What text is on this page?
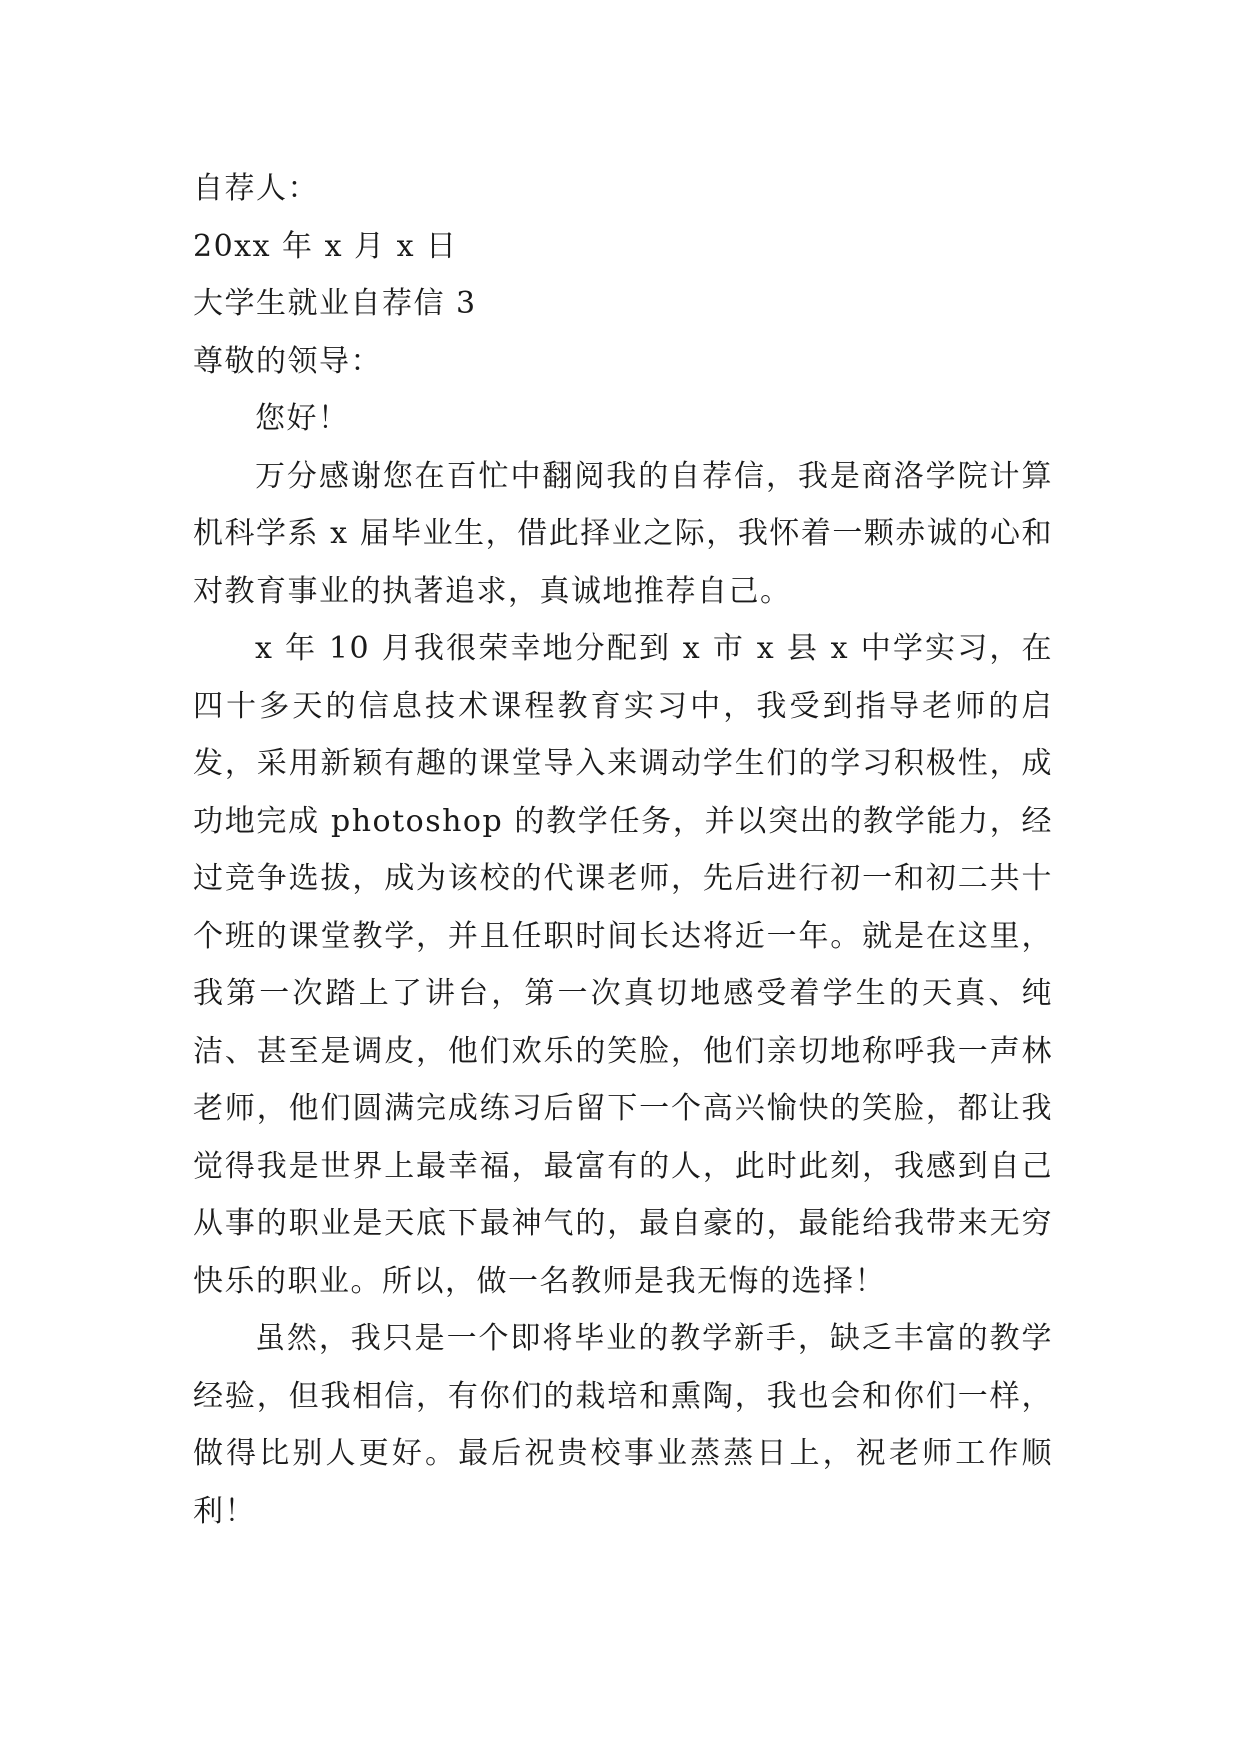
自荐人：

20xx 年 x 月 x 日

大学生就业自荐信 3

尊敬的领导：

您好！

万分感谢您在百忙中翻阅我的自荐信，我是商洛学院计算机科学系 x 届毕业生，借此择业之际，我怀着一颗赤诚的心和对教育事业的执著追求，真诚地推荐自己。

x 年 10 月我很荣幸地分配到 x 市 x 县 x 中学实习，在四十多天的信息技术课程教育实习中，我受到指导老师的启发，采用新颖有趣的课堂导入来调动学生们的学习积极性，成功地完成 photoshop 的教学任务，并以突出的教学能力，经过竞争选拔，成为该校的代课老师，先后进行初一和初二共十个班的课堂教学，并且任职时间长达将近一年。就是在这里，我第一次踏上了讲台，第一次真切地感受着学生的天真、纯洁、甚至是调皮，他们欢乐的笑脸，他们亲切地称呼我一声林老师，他们圆满完成练习后留下一个高兴愉快的笑脸，都让我觉得我是世界上最幸福，最富有的人，此时此刻，我感到自己从事的职业是天底下最神气的，最自豪的，最能给我带来无穷快乐的职业。所以，做一名教师是我无悔的选择！

虽然，我只是一个即将毕业的教学新手，缺乏丰富的教学经验，但我相信，有你们的栽培和熏陶，我也会和你们一样，做得比别人更好。最后祝贵校事业蒸蒸日上，祝老师工作顺利！
